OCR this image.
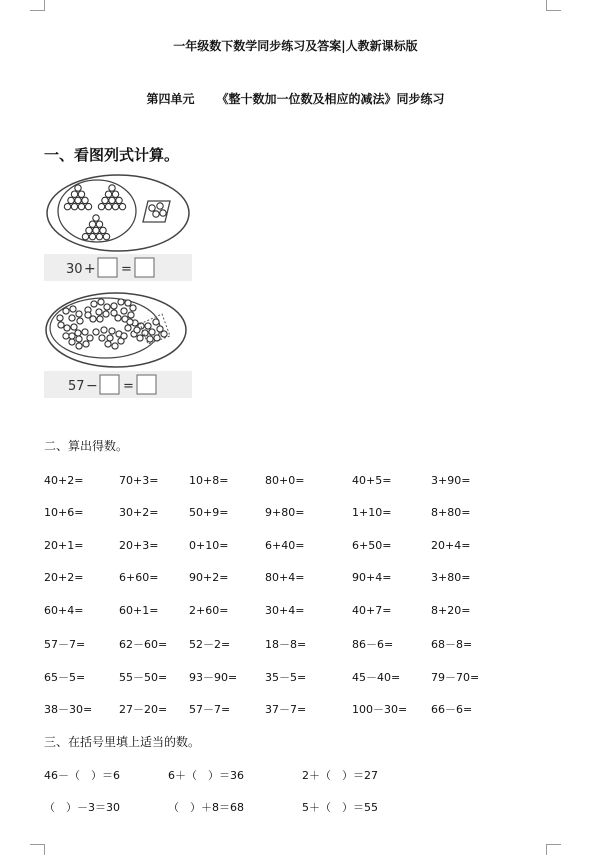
一年级数下数学同步练习及答案|人教新课标版
第四单元 《整十数加一位数及相应的减法》同步练习
一、看图列式计算。
30 + =
57 − =
二、算出得数。
40+2=	70+3=	10+8=	80+0=	40+5=	3+90=
10+6=	30+2=	50+9=	9+80=	1+10=	8+80=
20+1=	20+3=	0+10=	6+40=	6+50=	20+4=
20+2=	6+60=	90+2=	80+4=	90+4=	3+80=
60+4=	60+1=	2+60=	30+4=	40+7=	8+20=
57－7=	62－60= 52－2=	18－8=	86－6=	68－8=
65－5=	55－50= 93－90=	35－5=	45－40=	79－70=
38－30= 27－20= 57－7=	37－7=	100－30= 66－6=
三、在括号里填上适当的数。
46－（　）＝6	6＋（　）＝36	2＋（　）＝27
（　）－3＝30	（　）＋8＝68	5＋（　）＝55
